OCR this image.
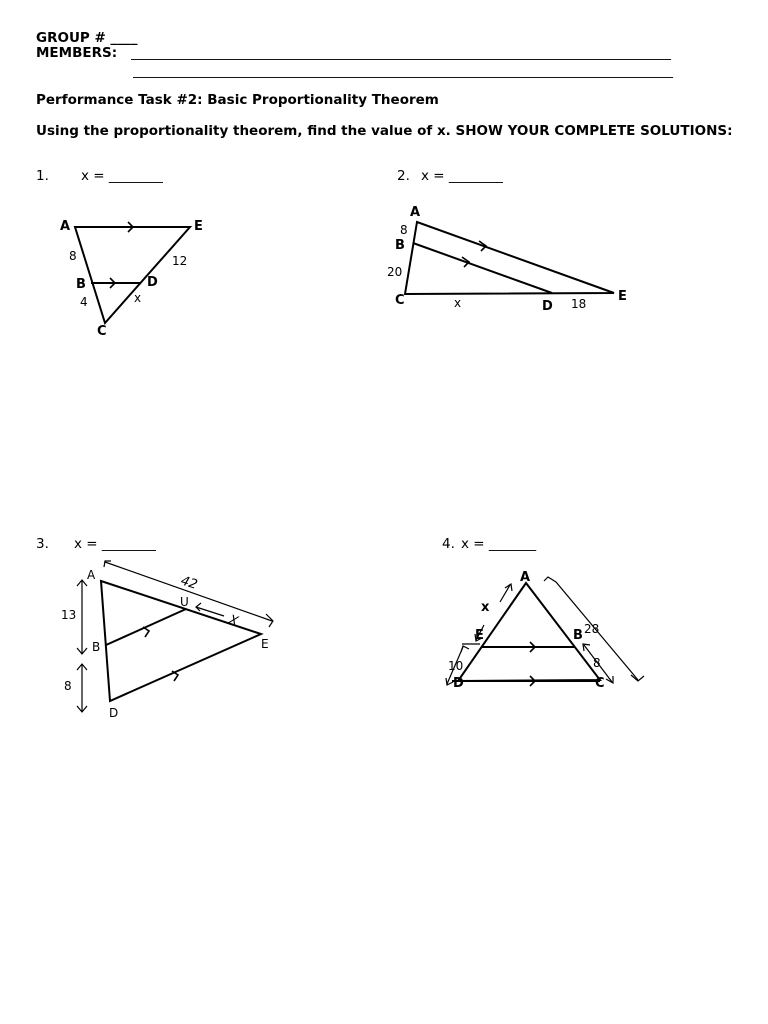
GROUP # ____
MEMBERS: ________________________________________________________________________________
________________________________________________________________________________
Performance Task #2: Basic Proportionality Theorem
Using the proportionality theorem, find the value of x. SHOW YOUR COMPLETE SOLUTIONS:
1. x = ________	2. x = ________
3. x = ________	4. x = _______
A	E
B	D
C
8
4
12
x
A
B
C	D
E
8
20
x	18
A
U
B
D
E
42
X
13
8
A
E	B
D	C
x
10
28
8
